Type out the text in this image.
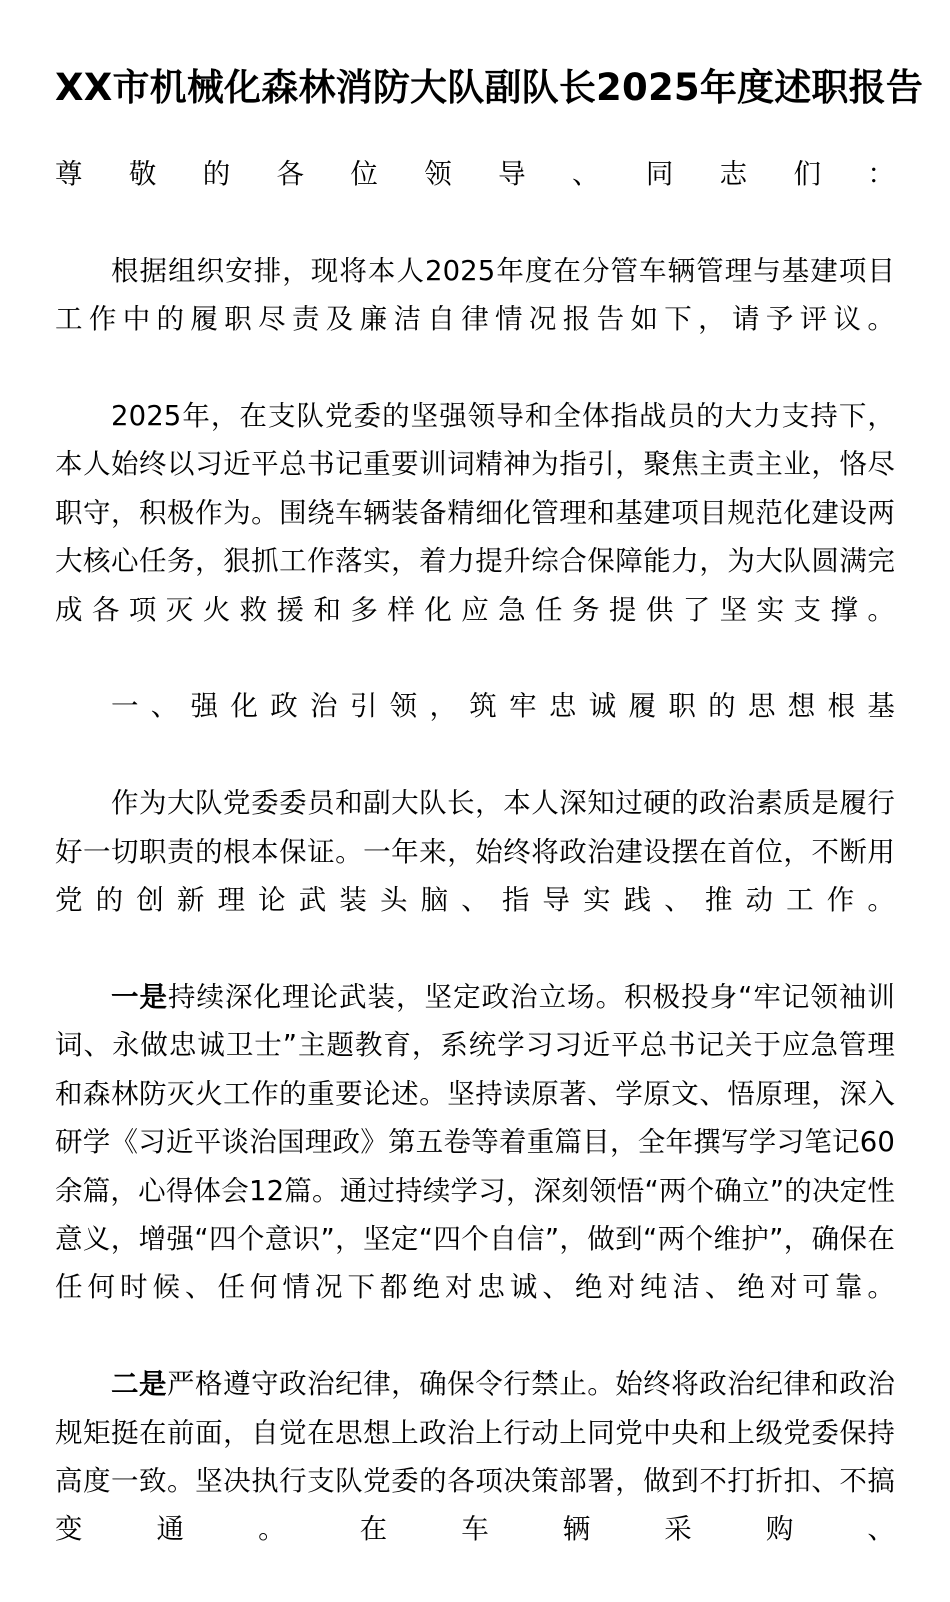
XX市机械化森林消防大队副队长2025年度述职报告

尊敬的各位领导、同志们：

根据组织安排，现将本人2025年度在分管车辆管理与基建项目工作中的履职尽责及廉洁自律情况报告如下，请予评议。

2025年，在支队党委的坚强领导和全体指战员的大力支持下，本人始终以习近平总书记重要训词精神为指引，聚焦主责主业，恪尽职守，积极作为。围绕车辆装备精细化管理和基建项目规范化建设两大核心任务，狠抓工作落实，着力提升综合保障能力，为大队圆满完成各项灭火救援和多样化应急任务提供了坚实支撑。

一、强化政治引领，筑牢忠诚履职的思想根基

作为大队党委委员和副大队长，本人深知过硬的政治素质是履行好一切职责的根本保证。一年来，始终将政治建设摆在首位，不断用党的创新理论武装头脑、指导实践、推动工作。

一是持续深化理论武装，坚定政治立场。积极投身“牢记领袖训词、永做忠诚卫士”主题教育，系统学习习近平总书记关于应急管理和森林防灭火工作的重要论述。坚持读原著、学原文、悟原理，深入研学《习近平谈治国理政》第五卷等着重篇目，全年撰写学习笔记60余篇，心得体会12篇。通过持续学习，深刻领悟“两个确立”的决定性意义，增强“四个意识”，坚定“四个自信”，做到“两个维护”，确保在任何时候、任何情况下都绝对忠诚、绝对纯洁、绝对可靠。

二是严格遵守政治纪律，确保令行禁止。始终将政治纪律和政治规矩挺在前面，自觉在思想上政治上行动上同党中央和上级党委保持高度一致。坚决执行支队党委的各项决策部署，做到不打折扣、不搞变通。在车辆采购、
